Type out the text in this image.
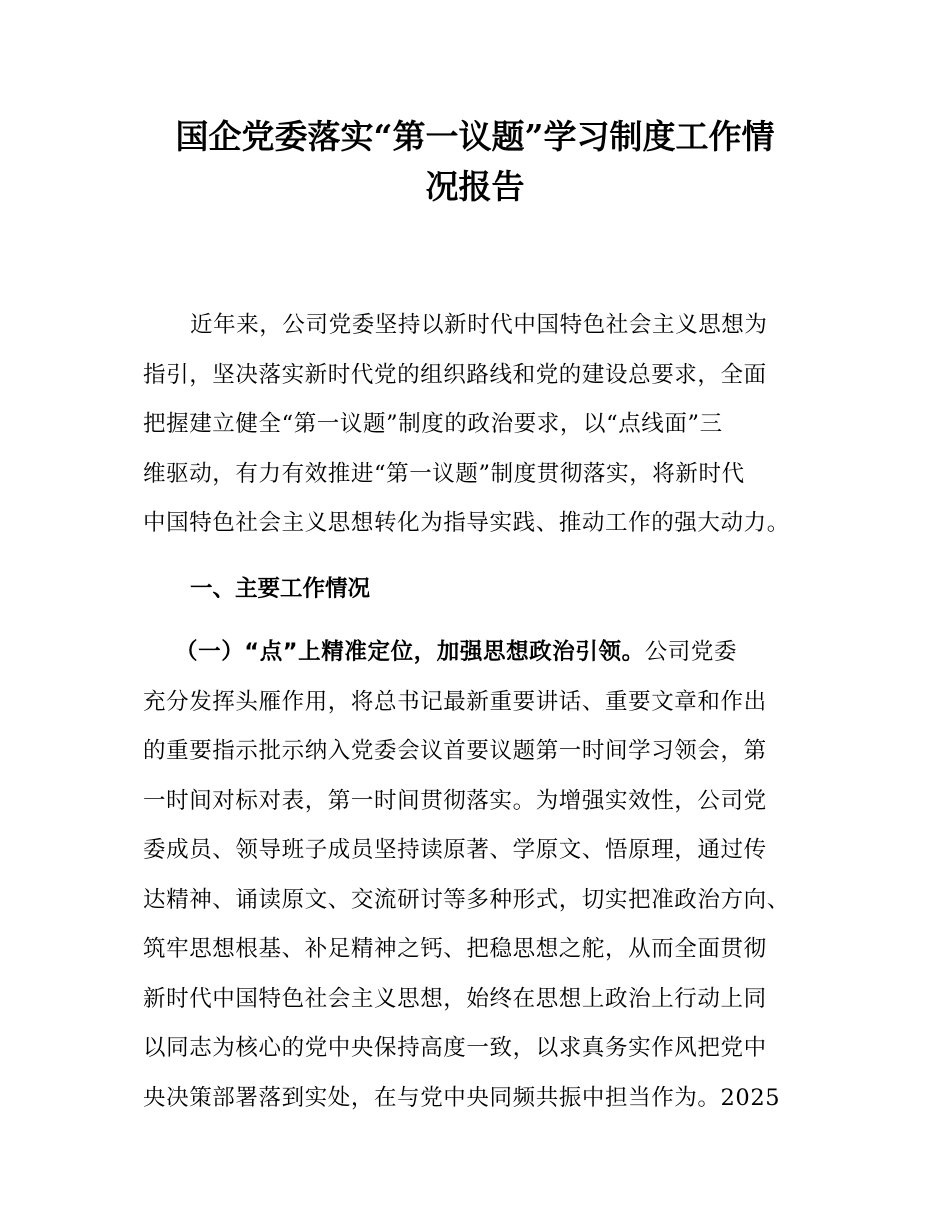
国企党委落实“第一议题”学习制度工作情
况报告
近年来，公司党委坚持以新时代中国特色社会主义思想为
指引，坚决落实新时代党的组织路线和党的建设总要求，全面
把握建立健全“第一议题”制度的政治要求，以“点线面”三
维驱动，有力有效推进“第一议题”制度贯彻落实，将新时代
中国特色社会主义思想转化为指导实践、推动工作的强大动力。
一、主要工作情况
（一）“点”上精准定位，加强思想政治引领。公司党委
充分发挥头雁作用，将总书记最新重要讲话、重要文章和作出
的重要指示批示纳入党委会议首要议题第一时间学习领会，第
一时间对标对表，第一时间贯彻落实。为增强实效性，公司党
委成员、领导班子成员坚持读原著、学原文、悟原理，通过传
达精神、诵读原文、交流研讨等多种形式，切实把准政治方向、
筑牢思想根基、补足精神之钙、把稳思想之舵，从而全面贯彻
新时代中国特色社会主义思想，始终在思想上政治上行动上同
以同志为核心的党中央保持高度一致，以求真务实作风把党中
央决策部署落到实处，在与党中央同频共振中担当作为。2025
